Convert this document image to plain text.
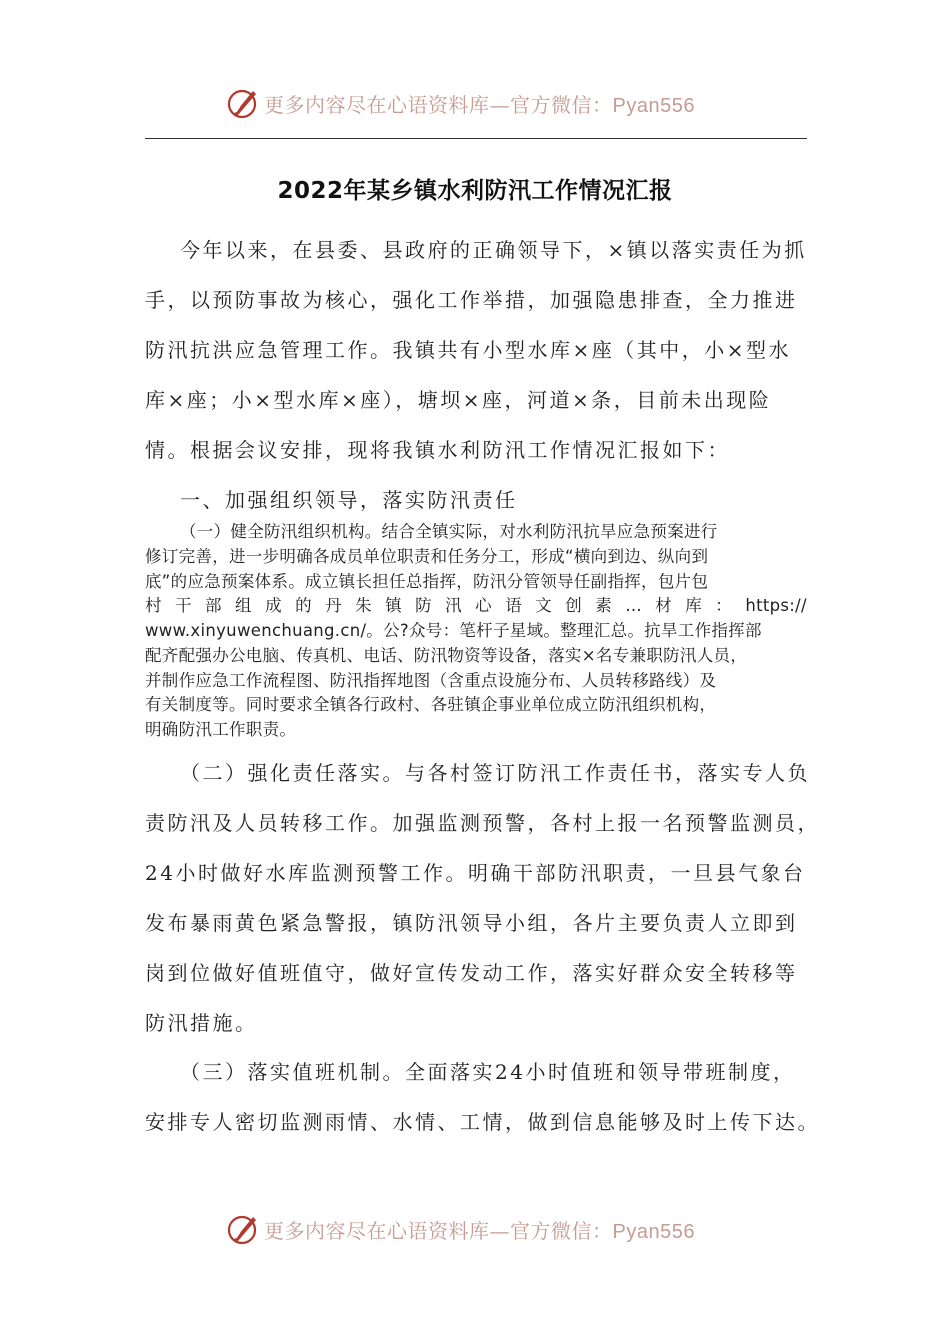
更多内容尽在心语资料库—官方微信：Pyan556
2022年某乡镇水利防汛工作情况汇报
今年以来，在县委、县政府的正确领导下，×镇以落实责任为抓
手，以预防事故为核心，强化工作举措，加强隐患排查，全力推进
防汛抗洪应急管理工作。我镇共有小型水库×座（其中，小×型水
库×座；小×型水库×座），塘坝×座，河道×条，目前未出现险
情。根据会议安排，现将我镇水利防汛工作情况汇报如下：
一、加强组织领导，落实防汛责任
（一）健全防汛组织机构。结合全镇实际，对水利防汛抗旱应急预案进行
修订完善，进一步明确各成员单位职责和任务分工，形成“横向到边、纵向到
底”的应急预案体系。成立镇长担任总指挥，防汛分管领导任副指挥，包片包
村 干 部 组 成 的 丹 朱 镇 防 汛 心 语 文 创 素 … 材 库 ： https://
www.xinyuwenchuang.cn/。公?众号：笔杆子星域。整理汇总。抗旱工作指挥部
配齐配强办公电脑、传真机、电话、防汛物资等设备，落实×名专兼职防汛人员，
并制作应急工作流程图、防汛指挥地图（含重点设施分布、人员转移路线）及
有关制度等。同时要求全镇各行政村、各驻镇企事业单位成立防汛组织机构，
明确防汛工作职责。
（二）强化责任落实。与各村签订防汛工作责任书，落实专人负
责防汛及人员转移工作。加强监测预警，各村上报一名预警监测员，
24小时做好水库监测预警工作。明确干部防汛职责，一旦县气象台
发布暴雨黄色紧急警报，镇防汛领导小组，各片主要负责人立即到
岗到位做好值班值守，做好宣传发动工作，落实好群众安全转移等
防汛措施。
（三）落实值班机制。全面落实24小时值班和领导带班制度，
安排专人密切监测雨情、水情、工情，做到信息能够及时上传下达。
更多内容尽在心语资料库—官方微信：Pyan556
